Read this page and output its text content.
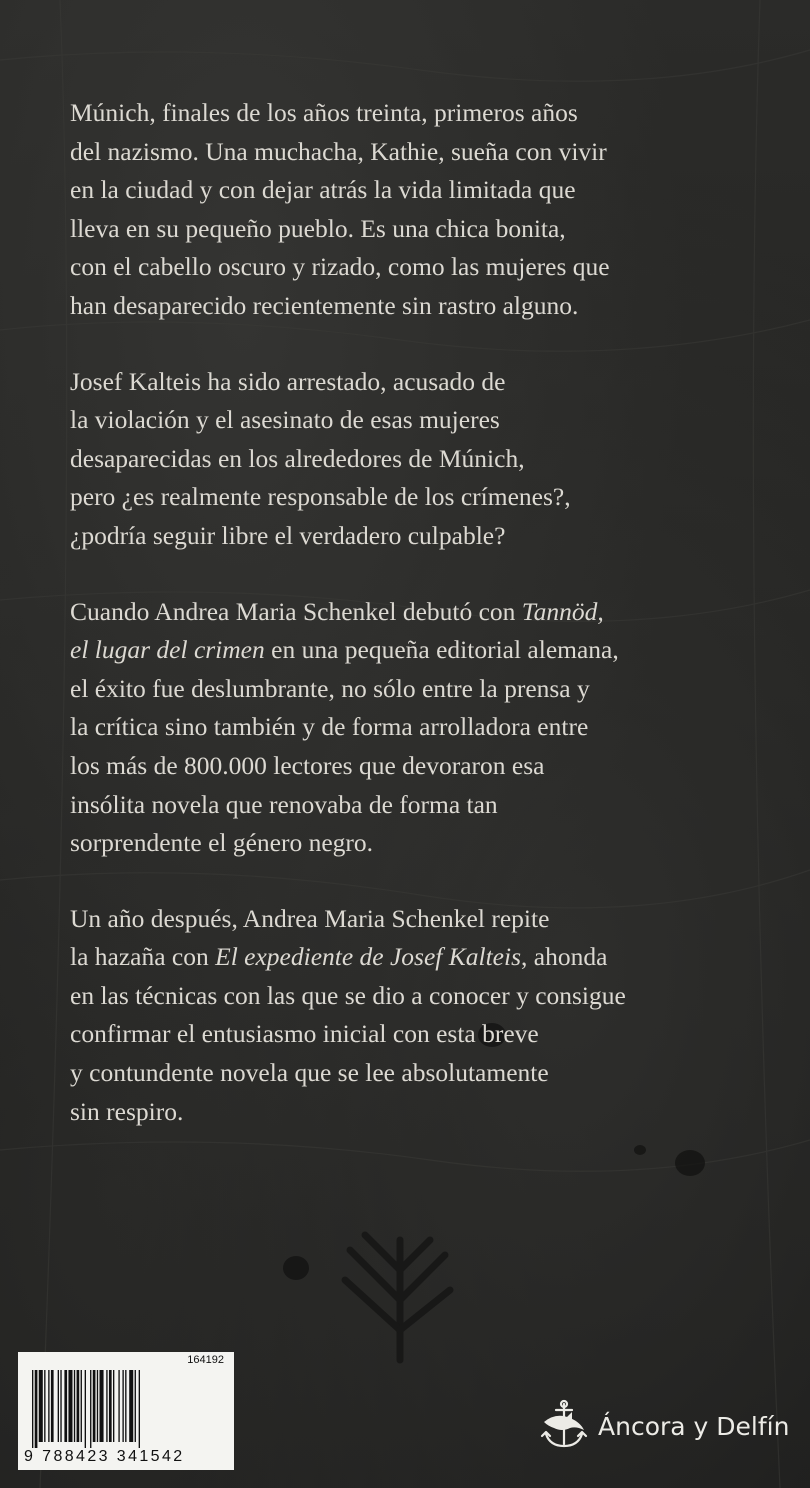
Múnich, finales de los años treinta, primeros años
del nazismo. Una muchacha, Kathie, sueña con vivir
en la ciudad y con dejar atrás la vida limitada que
lleva en su pequeño pueblo. Es una chica bonita,
con el cabello oscuro y rizado, como las mujeres que
han desaparecido recientemente sin rastro alguno.

Josef Kalteis ha sido arrestado, acusado de
la violación y el asesinato de esas mujeres
desaparecidas en los alrededores de Múnich,
pero ¿es realmente responsable de los crímenes?,
¿podría seguir libre el verdadero culpable?

Cuando Andrea Maria Schenkel debutó con Tannöd,
el lugar del crimen en una pequeña editorial alemana,
el éxito fue deslumbrante, no sólo entre la prensa y
la crítica sino también y de forma arrolladora entre
los más de 800.000 lectores que devoraron esa
insólita novela que renovaba de forma tan
sorprendente el género negro.

Un año después, Andrea Maria Schenkel repite
la hazaña con El expediente de Josef Kalteis, ahonda
en las técnicas con las que se dio a conocer y consigue
confirmar el entusiasmo inicial con esta breve
y contundente novela que se lee absolutamente
sin respiro.

164192
9 788423 341542
Áncora y Delfín
